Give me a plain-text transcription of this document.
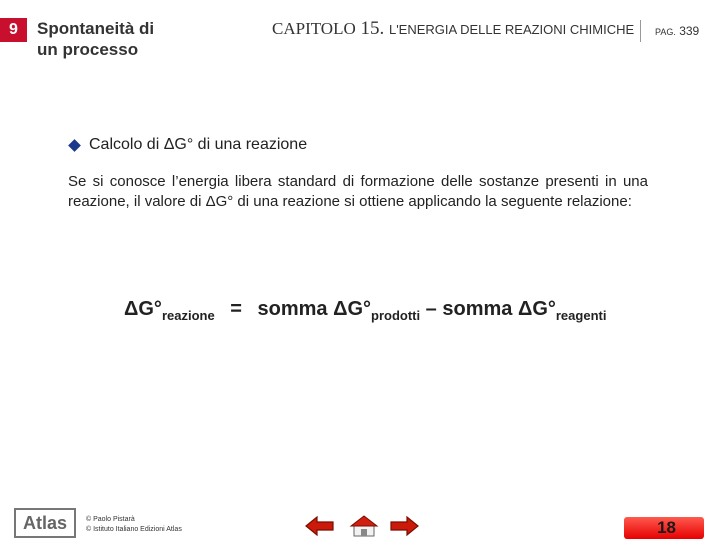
9	Spontaneità di
un processo
CAPITOLO 15. L'ENERGIA DELLE REAZIONI CHIMICHE PAG. 339
Calcolo di ΔG° di una reazione
Se si conosce l’energia libera standard di formazione delle sostanze presenti in una reazione, il valore di ΔG° di una reazione si ottiene applicando la seguente relazione:
$\Delta G^\circ_{reazione}$ = somma $\Delta G^\circ_{prodotti}$ – somma $\Delta G^\circ_{reagenti}$
Atlas	© Paolo Pistarà
© Istituto Italiano Edizioni Atlas	18
